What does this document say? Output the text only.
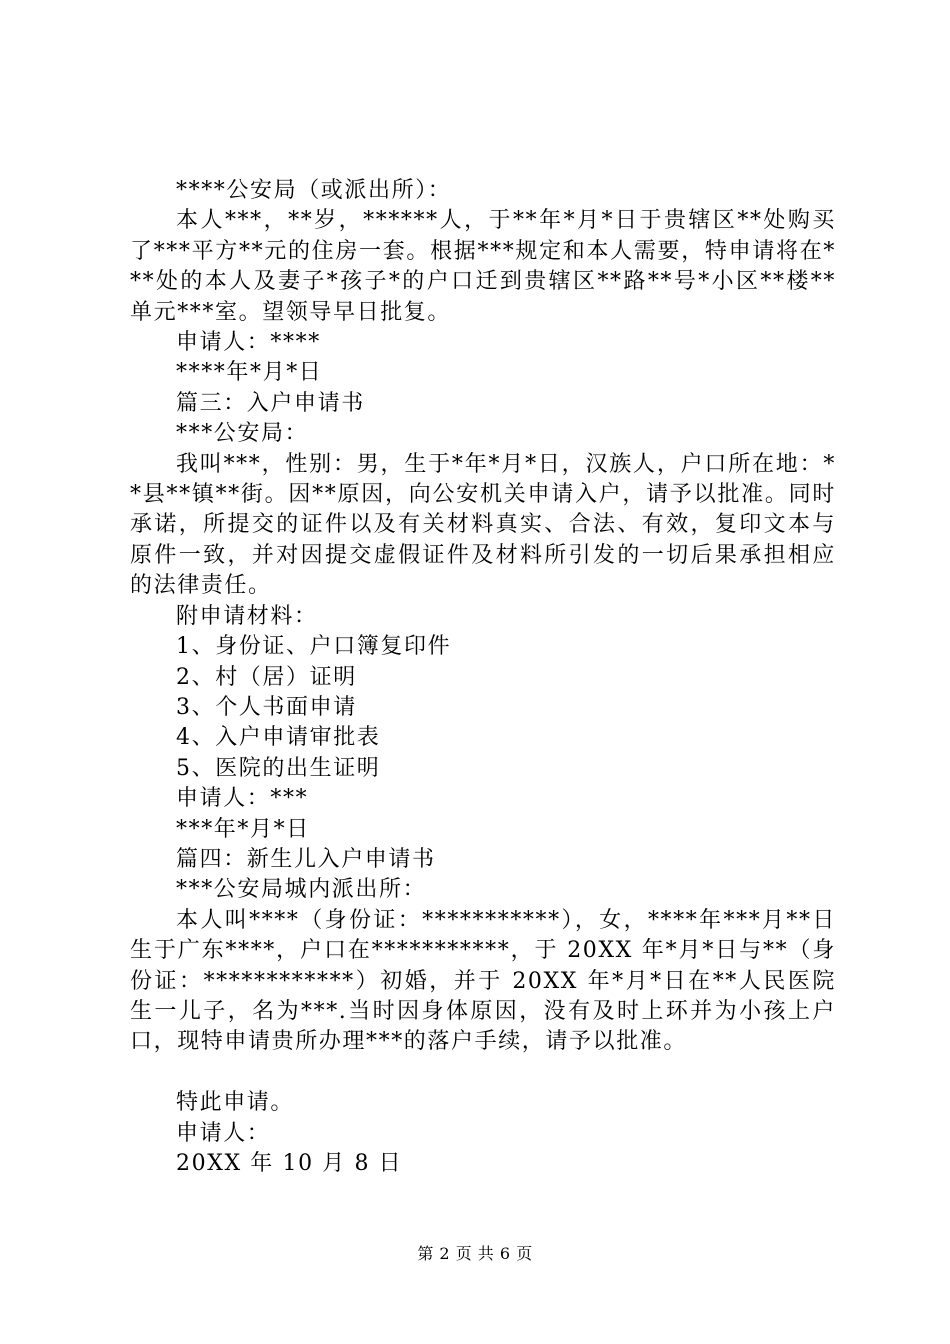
****公安局（或派出所）：

本人***，**岁，******人，于**年*月*日于贵辖区**处购买了***平方**元的住房一套。根据***规定和本人需要，特申请将在***处的本人及妻子*孩子*的户口迁到贵辖区**路**号*小区**楼**单元***室。望领导早日批复。

申请人：****

****年*月*日

篇三：入户申请书

***公安局：

我叫***，性别：男，生于*年*月*日，汉族人，户口所在地：**县**镇**街。因**原因，向公安机关申请入户，请予以批准。同时承诺，所提交的证件以及有关材料真实、合法、有效，复印文本与原件一致，并对因提交虚假证件及材料所引发的一切后果承担相应的法律责任。

附申请材料：

1、身份证、户口簿复印件

2、村（居）证明

3、个人书面申请

4、入户申请审批表

5、医院的出生证明

申请人：***

***年*月*日

篇四：新生儿入户申请书

***公安局城内派出所：

本人叫****（身份证：***********），女，****年***月**日生于广东****，户口在***********，于 20XX 年*月*日与**（身份证：************）初婚，并于 20XX 年*月*日在**人民医院生一儿子，名为***.当时因身体原因，没有及时上环并为小孩上户口，现特申请贵所办理***的落户手续，请予以批准。

特此申请。

申请人：

20XX 年 10 月 8 日

第 2 页 共 6 页
